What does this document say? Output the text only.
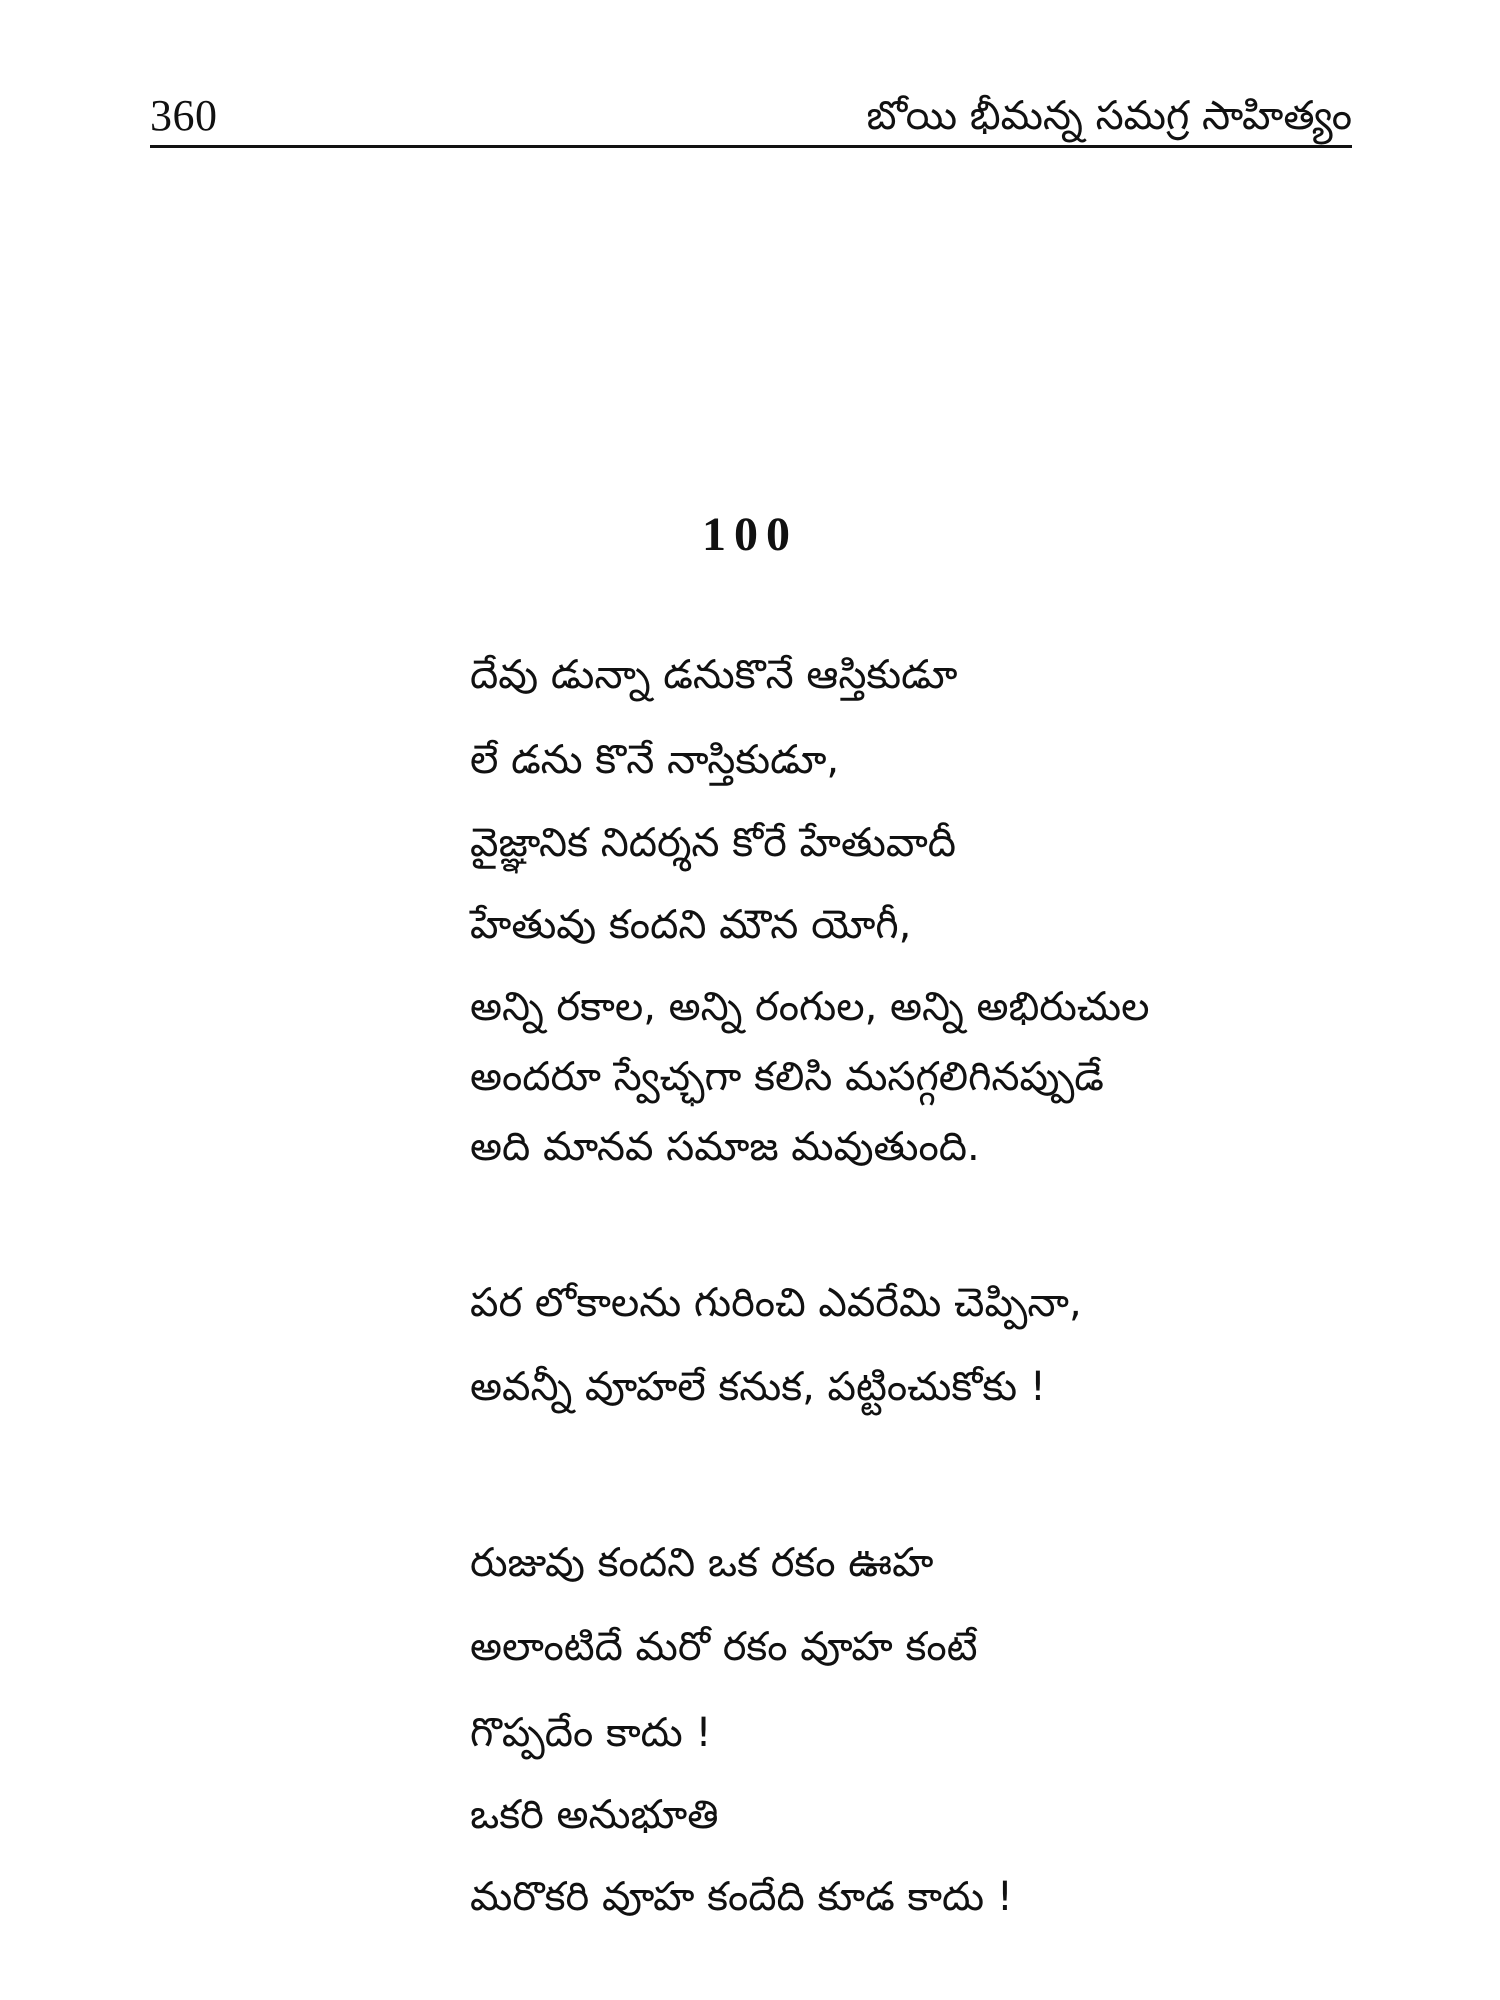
360	బోయి భీమన్న సమగ్ర సాహిత్యం
100
దేవు డున్నా డనుకొనే ఆస్తికుడూ
లే డను కొనే నాస్తికుడూ,
వైజ్ఞానిక నిదర్శన కోరే హేతువాదీ
హేతువు కందని మౌన యోగీ,
అన్ని రకాల, అన్ని రంగుల, అన్ని అభిరుచుల
అందరూ స్వేచ్ఛగా కలిసి మసగ్గలిగినప్పుడే
అది మానవ సమాజ మవుతుంది.
పర లోకాలను గురించి ఎవరేమి చెప్పినా,
అవన్నీ వూహలే కనుక, పట్టించుకోకు !
రుజువు కందని ఒక రకం ఊహ
అలాంటిదే మరో రకం వూహ కంటే
గొప్పదేం కాదు !
ఒకరి అనుభూతి
మరొకరి వూహ కందేది కూడ కాదు !
